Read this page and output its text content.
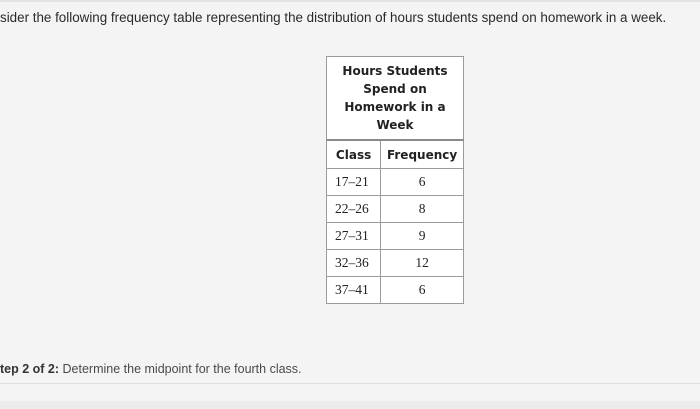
sider the following frequency table representing the distribution of hours students spend on homework in a week.
Hours Students
Spend on
Homework in a
Week	

Class	Frequency
17–21	6
22–26	8
27–31	9
32–36	12
37–41	6
tep 2 of 2: Determine the midpoint for the fourth class.
